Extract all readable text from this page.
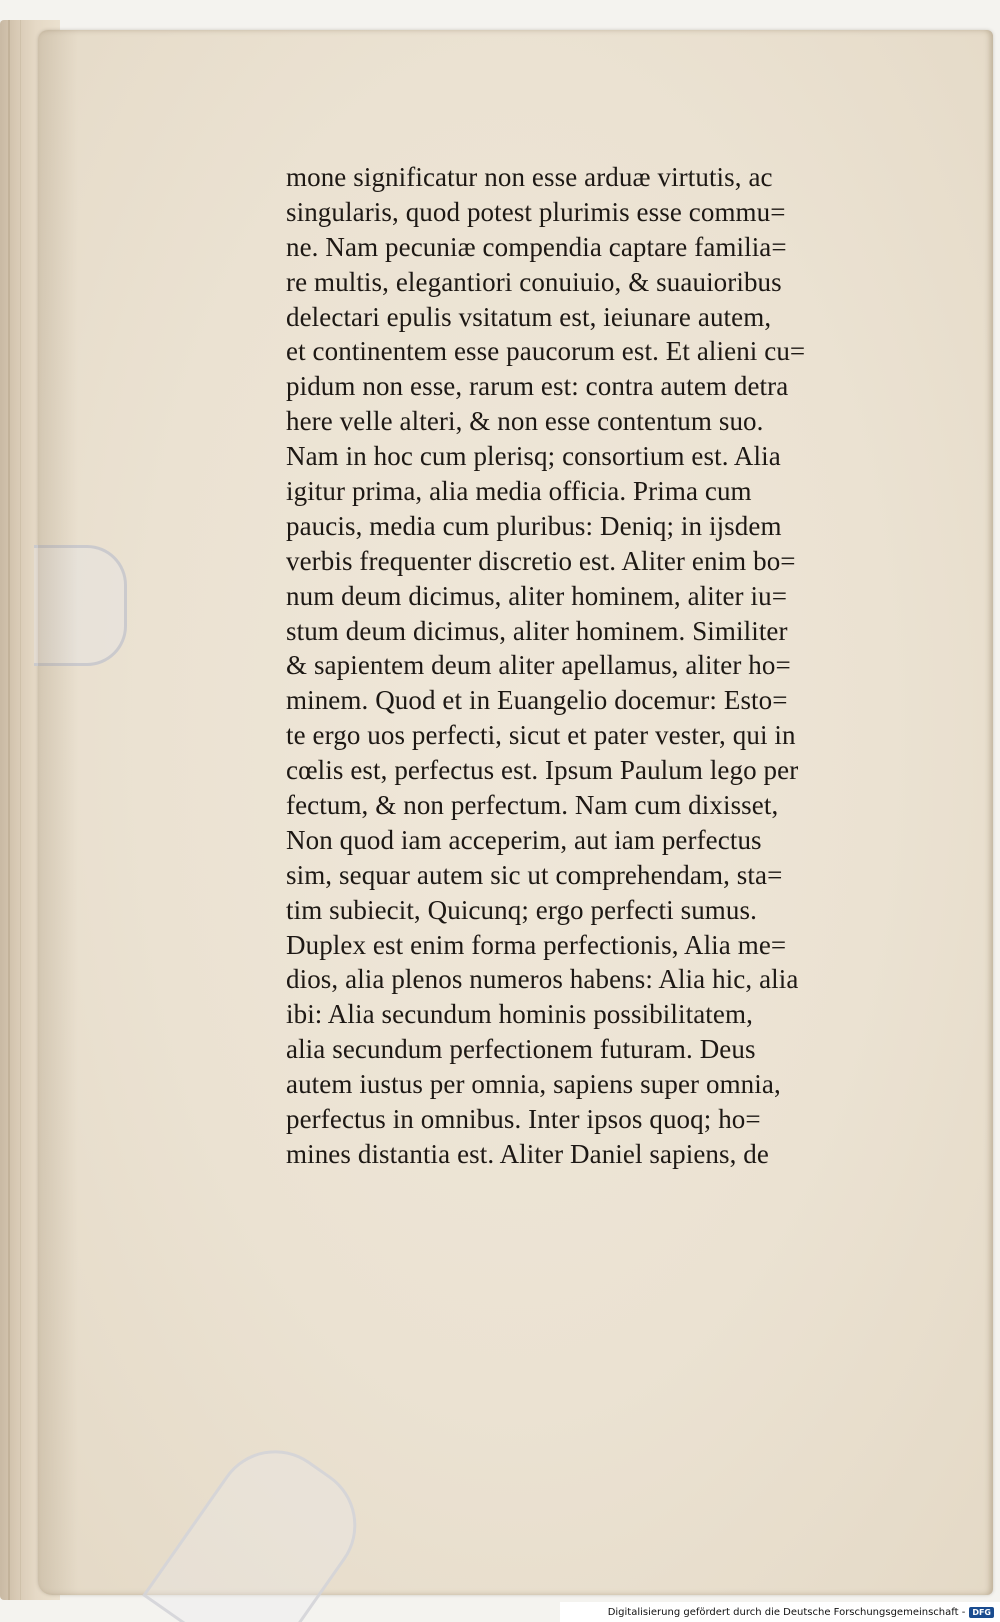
mone significatur non esse arduæ virtutis, ac
singularis, quod potest plurimis esse commu=
ne. Nam pecuniæ compendia captare familia=
re multis, elegantiori conuiuio, & suauioribus
delectari epulis vsitatum est, ieiunare autem,
et continentem esse paucorum est. Et alieni cu=
pidum non esse, rarum est: contra autem detra
here velle alteri, & non esse contentum suo.
Nam in hoc cum plerisq; consortium est. Alia
igitur prima, alia media officia. Prima cum
paucis, media cum pluribus: Deniq; in ijsdem
verbis frequenter discretio est. Aliter enim bo=
num deum dicimus, aliter hominem, aliter iu=
stum deum dicimus, aliter hominem. Similiter
& sapientem deum aliter apellamus, aliter ho=
minem. Quod et in Euangelio docemur: Esto=
te ergo uos perfecti, sicut et pater vester, qui in
cœlis est, perfectus est. Ipsum Paulum lego per
fectum, & non perfectum. Nam cum dixisset,
Non quod iam acceperim, aut iam perfectus
sim, sequar autem sic ut comprehendam, sta=
tim subiecit, Quicunq; ergo perfecti sumus.
Duplex est enim forma perfectionis, Alia me=
dios, alia plenos numeros habens: Alia hic, alia
ibi: Alia secundum hominis possibilitatem,
alia secundum perfectionem futuram. Deus
autem iustus per omnia, sapiens super omnia,
perfectus in omnibus. Inter ipsos quoq; ho=
mines distantia est. Aliter Daniel sapiens, de
Digitalisierung gefördert durch die Deutsche Forschungsgemeinschaft - DFG
